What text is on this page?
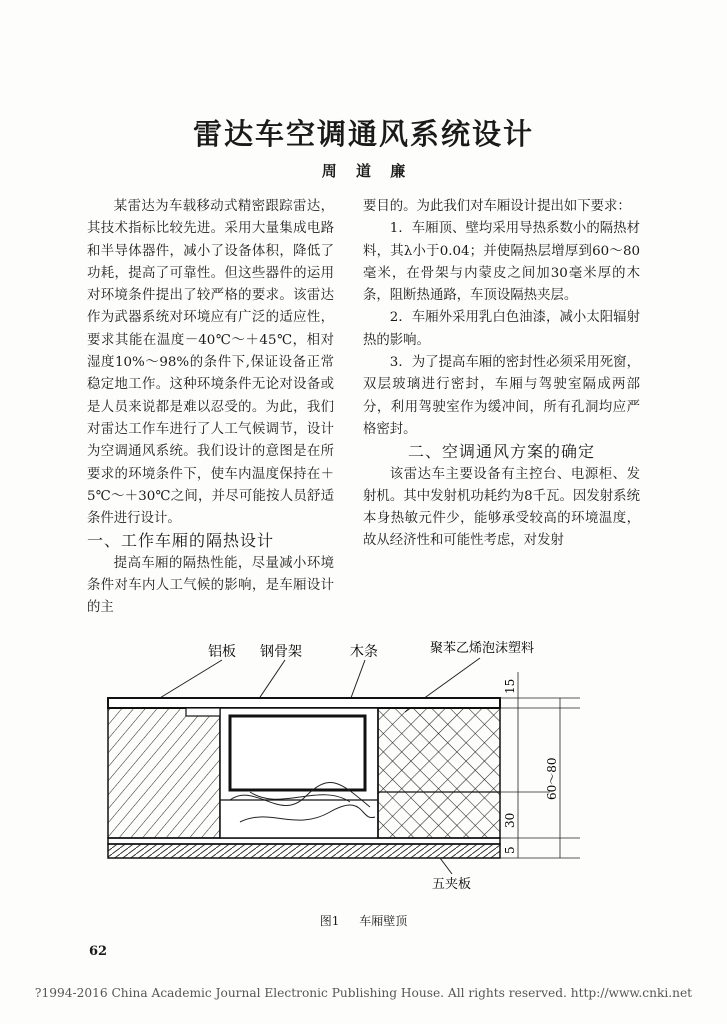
雷达车空调通风系统设计
周 道 廉

某雷达为车载移动式精密跟踪雷达，其技术指标比较先进。采用大量集成电路和半导体器件，减小了设备体积，降低了功耗，提高了可靠性。但这些器件的运用对环境条件提出了较严格的要求。该雷达作为武器系统对环境应有广泛的适应性，要求其能在温度－40℃～＋45℃，相对湿度10%～98%的条件下,保证设备正常稳定地工作。这种环境条件无论对设备或是人员来说都是难以忍受的。为此，我们对雷达工作车进行了人工气候调节，设计为空调通风系统。我们设计的意图是在所要求的环境条件下，使车内温度保持在＋5℃～＋30℃之间，并尽可能按人员舒适条件进行设计。

一、工作车厢的隔热设计

提高车厢的隔热性能，尽量减小环境条件对车内人工气候的影响，是车厢设计的主

要目的。为此我们对车厢设计提出如下要求：

1．车厢顶、壁均采用导热系数小的隔热材料，其λ小于0.04；并使隔热层增厚到60～80毫米，在骨架与内蒙皮之间加30毫米厚的木条，阻断热通路，车顶设隔热夹层。

2．车厢外采用乳白色油漆，减小太阳辐射热的影响。

3．为了提高车厢的密封性必须采用死窗，双层玻璃进行密封，车厢与驾驶室隔成两部分，利用驾驶室作为缓冲间，所有孔洞均应严格密封。

二、空调通风方案的确定

该雷达车主要设备有主控台、电源柜、发射机。其中发射机功耗约为8千瓦。因发射系统本身热敏元件少，能够承受较高的环境温度，故从经济性和可能性考虑，对发射

铝板 钢骨架	木条	聚苯乙烯泡沫塑料
15
60～80
30
5
五夹板
图1 车厢壁顶
62
?1994-2016 China Academic Journal Electronic Publishing House. All rights reserved. http://www.cnki.net
